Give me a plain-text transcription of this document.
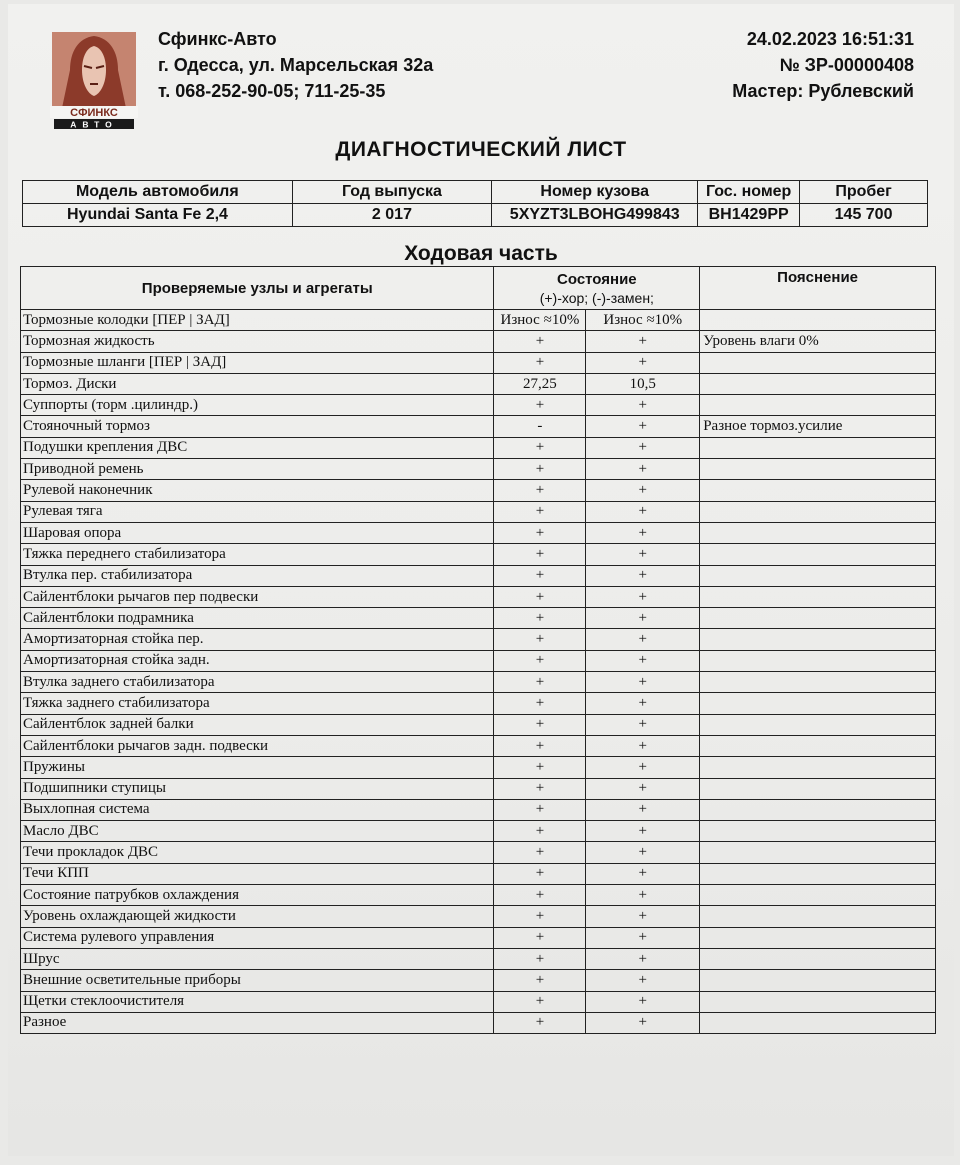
СФИНКС
АВТО
Сфинкс-Авто
г. Одесса, ул. Марсельская 32а
т. 068-252-90-05; 711-25-35
24.02.2023 16:51:31
№ ЗР-00000408
Мастер: Рублевский
ДИАГНОСТИЧЕСКИЙ ЛИСТ
Модель автомобиля	Год выпуска	Номер кузова	Гос. номер	Пробег
Hyundai Santa Fe 2,4	2 017	5XYZT3LBOHG499843	BH1429PP	145 700
Ходовая часть
Проверяемые узлы и агрегаты	Состояние
(+)-хор; (-)-замен;		Пояснение
Тормозные колодки [ПЕР | ЗАД]	Износ ≈10%	Износ ≈10%	
Тормозная жидкость	+	+	Уровень влаги 0%
Тормозные шланги [ПЕР | ЗАД]	+	+	
Тормоз. Диски	27,25	10,5	
Суппорты (торм .цилиндр.)	+	+	
Стояночный тормоз	-	+	Разное тормоз.усилие
Подушки крепления ДВС	+	+	
Приводной ремень	+	+	
Рулевой наконечник	+	+	
Рулевая тяга	+	+	
Шаровая опора	+	+	
Тяжка переднего стабилизатора	+	+	
Втулка пер. стабилизатора	+	+	
Сайлентблоки рычагов пер подвески	+	+	
Сайлентблоки подрамника	+	+	
Амортизаторная стойка пер.	+	+	
Амортизаторная стойка задн.	+	+	
Втулка заднего стабилизатора	+	+	
Тяжка заднего стабилизатора	+	+	
Сайлентблок задней балки	+	+	
Сайлентблоки рычагов задн. подвески	+	+	
Пружины	+	+	
Подшипники ступицы	+	+	
Выхлопная система	+	+	
Масло ДВС	+	+	
Течи прокладок ДВС	+	+	
Течи КПП	+	+	
Состояние патрубков охлаждения	+	+	
Уровень охлаждающей жидкости	+	+	
Система рулевого управления	+	+	
Шрус	+	+	
Внешние осветительные приборы	+	+	
Щетки стеклоочистителя	+	+	
Разное	+	+	
